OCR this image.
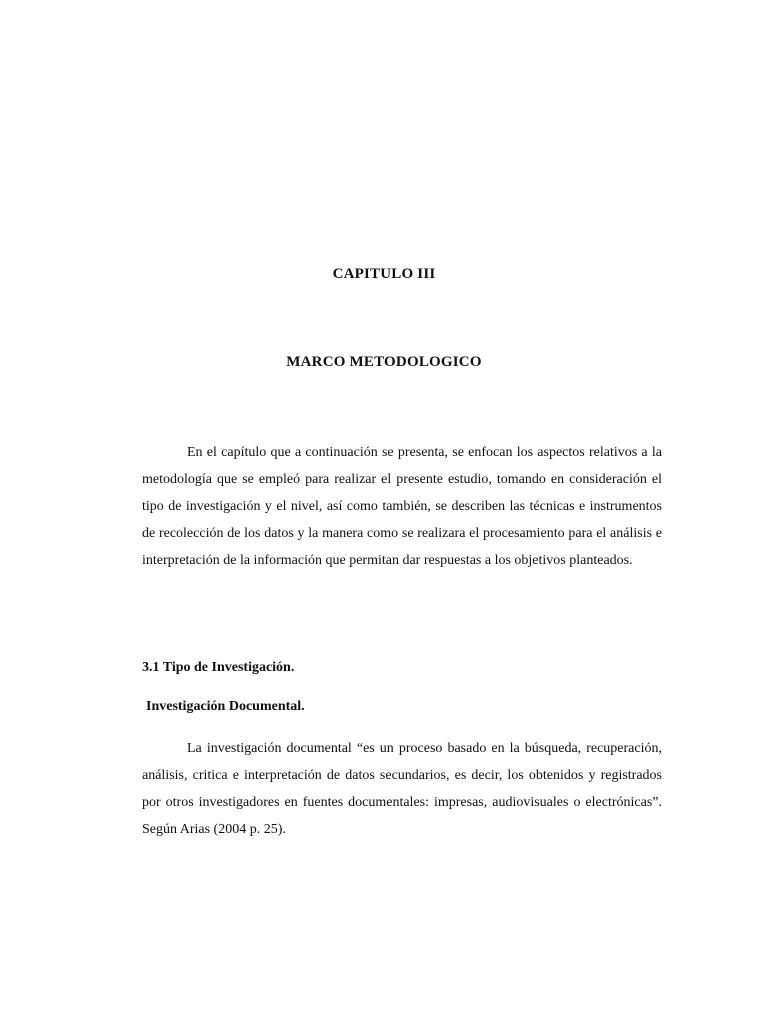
CAPITULO III
MARCO METODOLOGICO

En el capítulo que a continuación se presenta, se enfocan los aspectos relativos a la metodología que se empleó para realizar el presente estudio, tomando en consideración el tipo de investigación y el nivel, así como también, se describen las técnicas e instrumentos de recolección de los datos y la manera como se realizara el procesamiento para el análisis e interpretación de la información que permitan dar respuestas a los objetivos planteados.

3.1 Tipo de Investigación.
Investigación Documental.

La investigación documental “es un proceso basado en la búsqueda, recuperación, análisis, critica e interpretación de datos secundarios, es decir, los obtenidos y registrados por otros investigadores en fuentes documentales: impresas, audiovisuales o electrónicas”. Según Arias (2004 p. 25).
